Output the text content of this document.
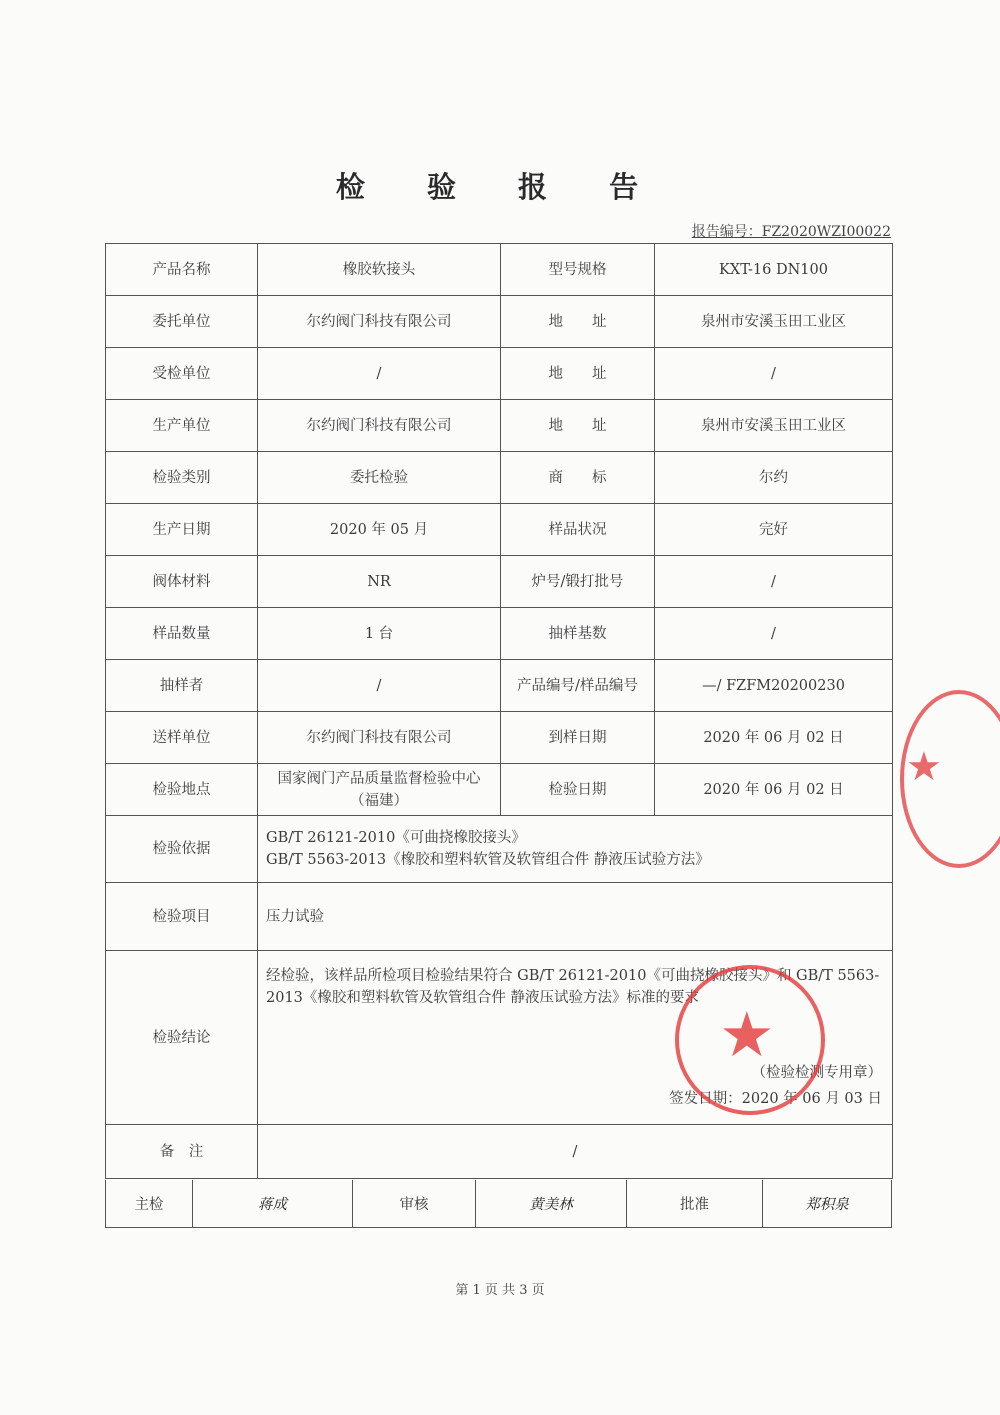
检 验 报 告
报告编号：FZ2020WZI00022
产品名称	橡胶软接头	型号规格	KXT-16 DN100
委托单位	尔约阀门科技有限公司	地　　址	泉州市安溪玉田工业区
受检单位	/	地　　址	/
生产单位	尔约阀门科技有限公司	地　　址	泉州市安溪玉田工业区
检验类别	委托检验	商　　标	尔约
生产日期	2020 年 05 月	样品状况	完好
阀体材料	NR	炉号/锻打批号	/
样品数量	1 台	抽样基数	/
抽样者	/	产品编号/样品编号	—/ FZFM20200230
送样单位	尔约阀门科技有限公司	到样日期	2020 年 06 月 02 日
检验地点	国家阀门产品质量监督检验中心（福建）	检验日期	2020 年 06 月 02 日
检验依据	GB/T 26121-2010《可曲挠橡胶接头》
GB/T 5563-2013《橡胶和塑料软管及软管组合件 静液压试验方法》		

检验项目	压力试验		
检验结论	经检验，该样品所检项目检验结果符合 GB/T 26121-2010《可曲挠橡胶接头》和 GB/T 5563-2013《橡胶和塑料软管及软管组合件 静液压试验方法》标准的要求
（检验检测专用章）
签发日期：2020 年 06 月 03 日		

备　注	/		
主检	蒋成	审核	黄美林	批准	郑积泉
★
★
第 1 页 共 3 页
